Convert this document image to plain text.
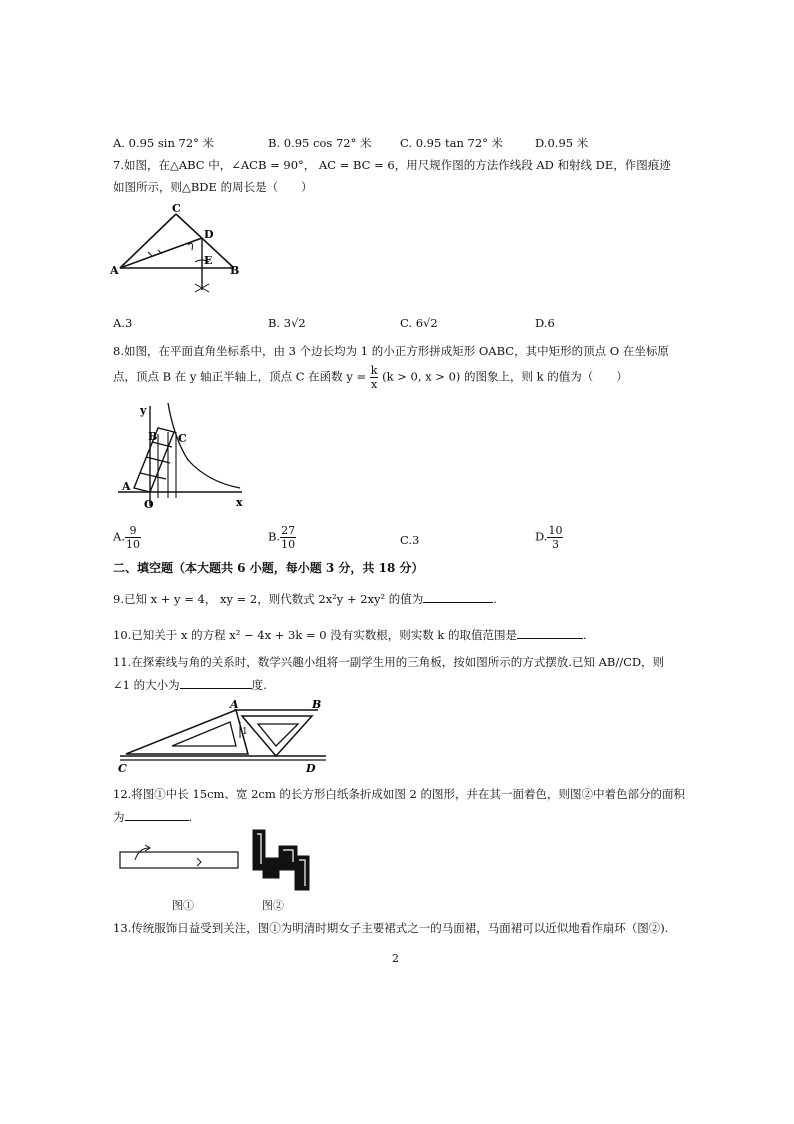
A. 0.95 sin 72° 米	B. 0.95 cos 72° 米 C. 0.95 tan 72° 米	D.0.95 米
7.如图，在△ABC 中，∠ACB = 90°， AC = BC = 6，用尺规作图的方法作线段 AD 和射线 DE，作图痕迹
如图所示，则△BDE 的周长是（　　）
C
D
A
E
B
A.3	B. 3√2	C. 6√2	D.6
8.如图，在平面直角坐标系中，由 3 个边长均为 1 的小正方形拼成矩形 OABC，其中矩形的顶点 O 在坐标原
点，顶点 B 在 y 轴正半轴上，顶点 C 在函数 $y = \frac{k}{x} (k > 0$, x > 0) 的图象上，则 k 的值为（　　）
y
B C
A
O	x
A. $\frac{9}{10}$	B. $\frac{27}{10}$	C.3	D. $\frac{10}{3}$
二、填空题（本大题共 6 小题，每小题 3 分，共 18 分）
9.已知 x + y = 4， xy = 2，则代数式 2x²y + 2xy² 的值为	.
10.已知关于 x 的方程 x² − 4x + 3k = 0 没有实数根，则实数 k 的取值范围是	.
11.在探索线与角的关系时，数学兴趣小组将一副学生用的三角板，按如图所示的方式摆放.已知 AB//CD，则
∠1 的大小为	度.
A	B
C	D
1
12.将图①中长 15cm、宽 2cm 的长方形白纸条折成如图 2 的图形，并在其一面着色，则图②中着色部分的面积
为	.
图①	图②
13.传统服饰日益受到关注，图①为明清时期女子主要裙式之一的马面裙，马面裙可以近似地看作扇环（图②).
2
